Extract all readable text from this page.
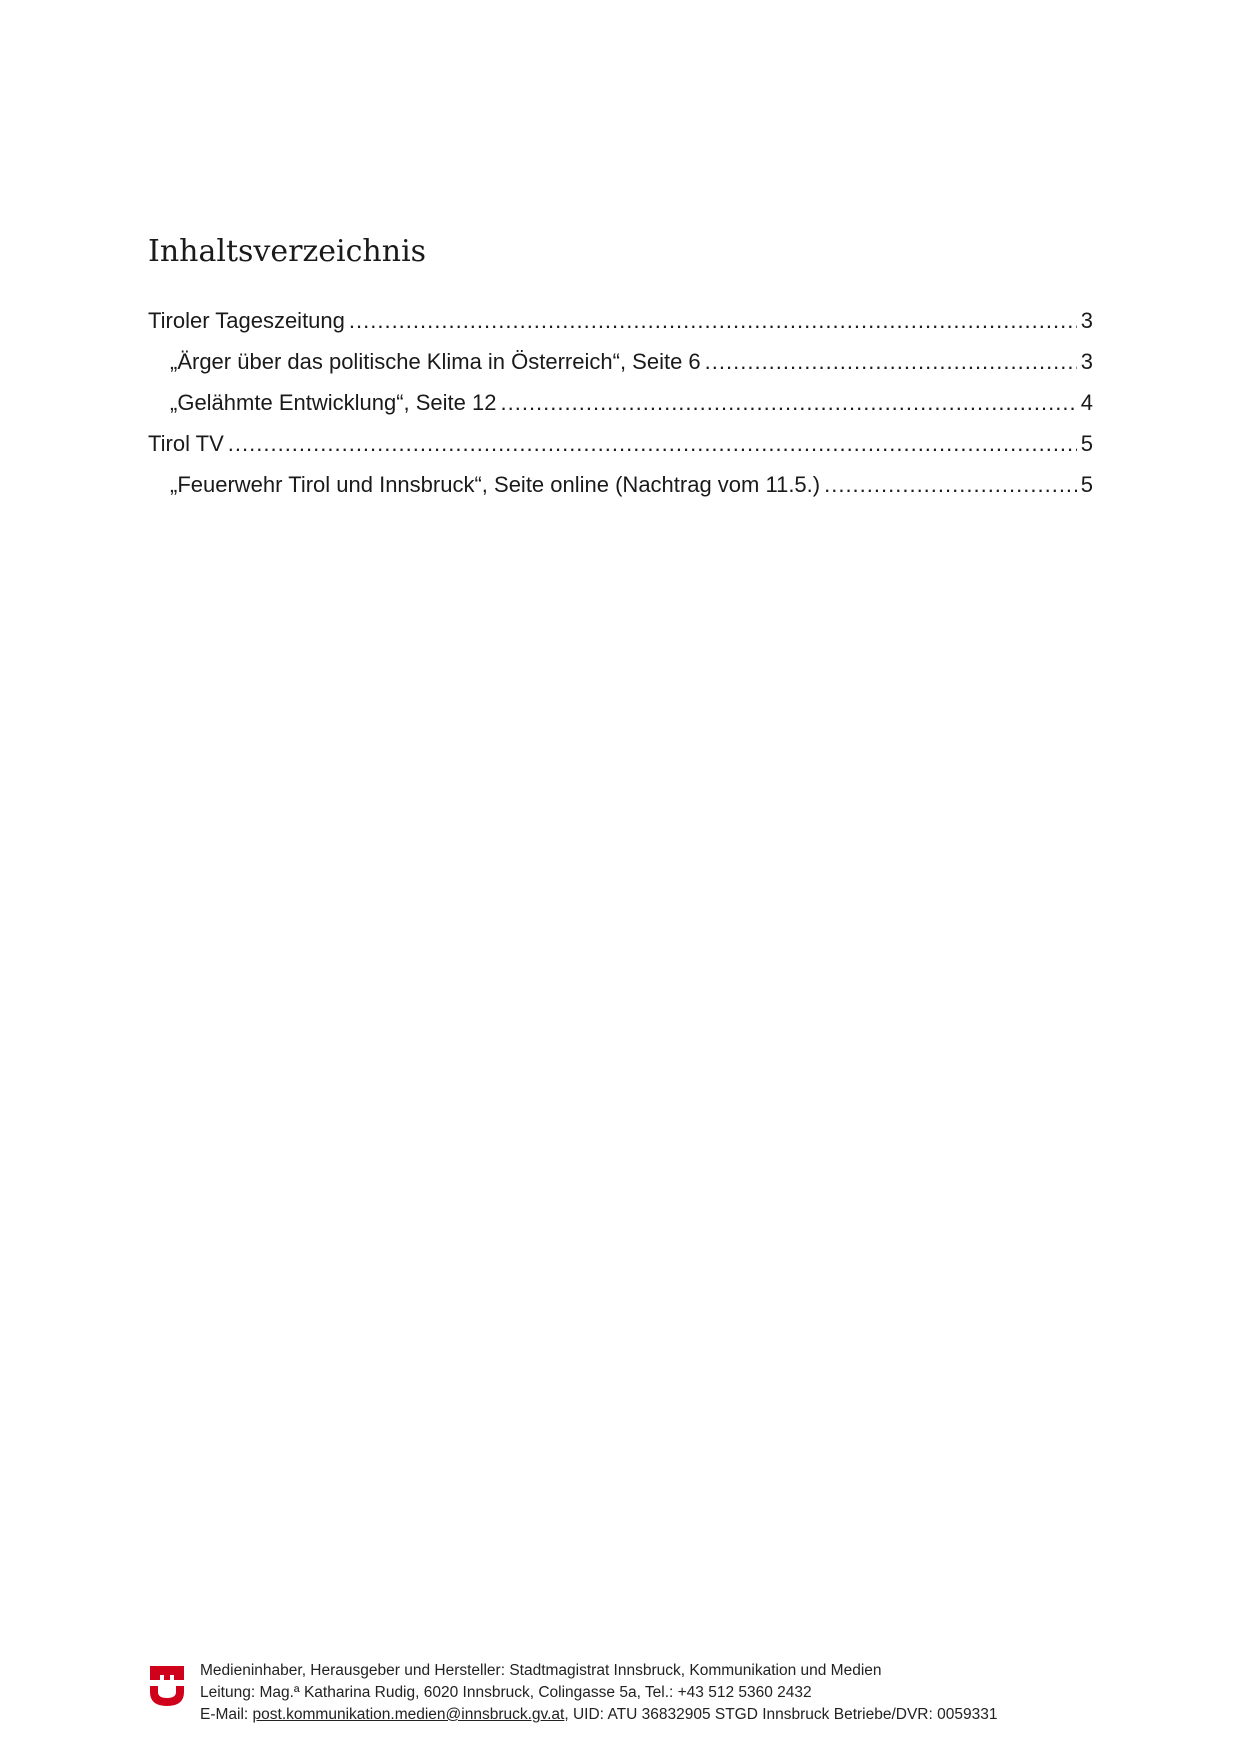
Inhaltsverzeichnis
Tiroler Tageszeitung .....	3
„Ärger über das politische Klima in Österreich“, Seite 6 .....	3
„Gelähmte Entwicklung“, Seite 12 .....	4
Tirol TV .....	5
„Feuerwehr Tirol und Innsbruck“, Seite online (Nachtrag vom 11.5.) .....	5
Medieninhaber, Herausgeber und Hersteller: Stadtmagistrat Innsbruck, Kommunikation und Medien
Leitung: Mag.ª Katharina Rudig, 6020 Innsbruck, Colingasse 5a, Tel.: +43 512 5360 2432
E-Mail: post.kommunikation.medien@innsbruck.gv.at, UID: ATU 36832905 STGD Innsbruck Betriebe/DVR: 0059331
